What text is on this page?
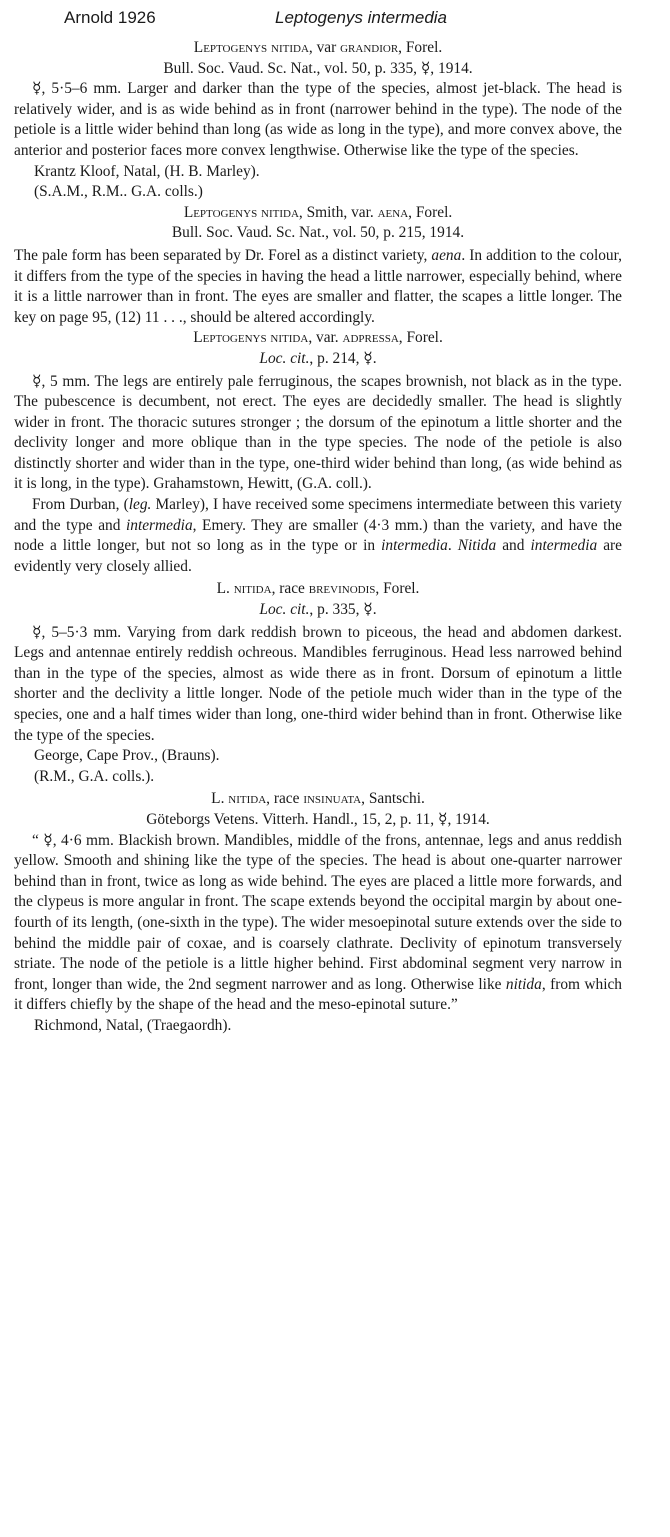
Arnold 1926	Leptogenys intermedia
Leptogenys nitida, var grandior, Forel.
Bull. Soc. Vaud. Sc. Nat., vol. 50, p. 335, ☿, 1914.

☿, 5·5–6 mm. Larger and darker than the type of the species, almost jet-black. The head is relatively wider, and is as wide behind as in front (narrower behind in the type). The node of the petiole is a little wider behind than long (as wide as long in the type), and more convex above, the anterior and posterior faces more convex lengthwise. Otherwise like the type of the species.

Krantz Kloof, Natal, (H. B. Marley).

(S.A.M., R.M.. G.A. colls.)

Leptogenys nitida, Smith, var. aena, Forel.
Bull. Soc. Vaud. Sc. Nat., vol. 50, p. 215, 1914.

The pale form has been separated by Dr. Forel as a distinct variety, aena. In addition to the colour, it differs from the type of the species in having the head a little narrower, especially behind, where it is a little narrower than in front. The eyes are smaller and flatter, the scapes a little longer. The key on page 95, (12) 11 . . ., should be altered accordingly.

Leptogenys nitida, var. adpressa, Forel.
Loc. cit., p. 214, ☿.

☿, 5 mm. The legs are entirely pale ferruginous, the scapes brownish, not black as in the type. The pubescence is decumbent, not erect. The eyes are decidedly smaller. The head is slightly wider in front. The thoracic sutures stronger ; the dorsum of the epinotum a little shorter and the declivity longer and more oblique than in the type species. The node of the petiole is also distinctly shorter and wider than in the type, one-third wider behind than long, (as wide behind as it is long, in the type). Grahamstown, Hewitt, (G.A. coll.).

From Durban, (leg. Marley), I have received some specimens intermediate between this variety and the type and intermedia, Emery. They are smaller (4·3 mm.) than the variety, and have the node a little longer, but not so long as in the type or in intermedia. Nitida and intermedia are evidently very closely allied.

L. nitida, race brevinodis, Forel.
Loc. cit., p. 335, ☿.

☿, 5–5·3 mm. Varying from dark reddish brown to piceous, the head and abdomen darkest. Legs and antennae entirely reddish ochreous. Mandibles ferruginous. Head less narrowed behind than in the type of the species, almost as wide there as in front. Dorsum of epinotum a little shorter and the declivity a little longer. Node of the petiole much wider than in the type of the species, one and a half times wider than long, one-third wider behind than in front. Otherwise like the type of the species.

George, Cape Prov., (Brauns).

(R.M., G.A. colls.).

L. nitida, race insinuata, Santschi.
Göteborgs Vetens. Vitterh. Handl., 15, 2, p. 11, ☿, 1914.

“ ☿, 4·6 mm. Blackish brown. Mandibles, middle of the frons, antennae, legs and anus reddish yellow. Smooth and shining like the type of the species. The head is about one-quarter narrower behind than in front, twice as long as wide behind. The eyes are placed a little more forwards, and the clypeus is more angular in front. The scape extends beyond the occipital margin by about one-fourth of its length, (one-sixth in the type). The wider mesoepinotal suture extends over the side to behind the middle pair of coxae, and is coarsely clathrate. Declivity of epinotum transversely striate. The node of the petiole is a little higher behind. First abdominal segment very narrow in front, longer than wide, the 2nd segment narrower and as long. Otherwise like nitida, from which it differs chiefly by the shape of the head and the meso-epinotal suture.”

Richmond, Natal, (Traegaordh).
